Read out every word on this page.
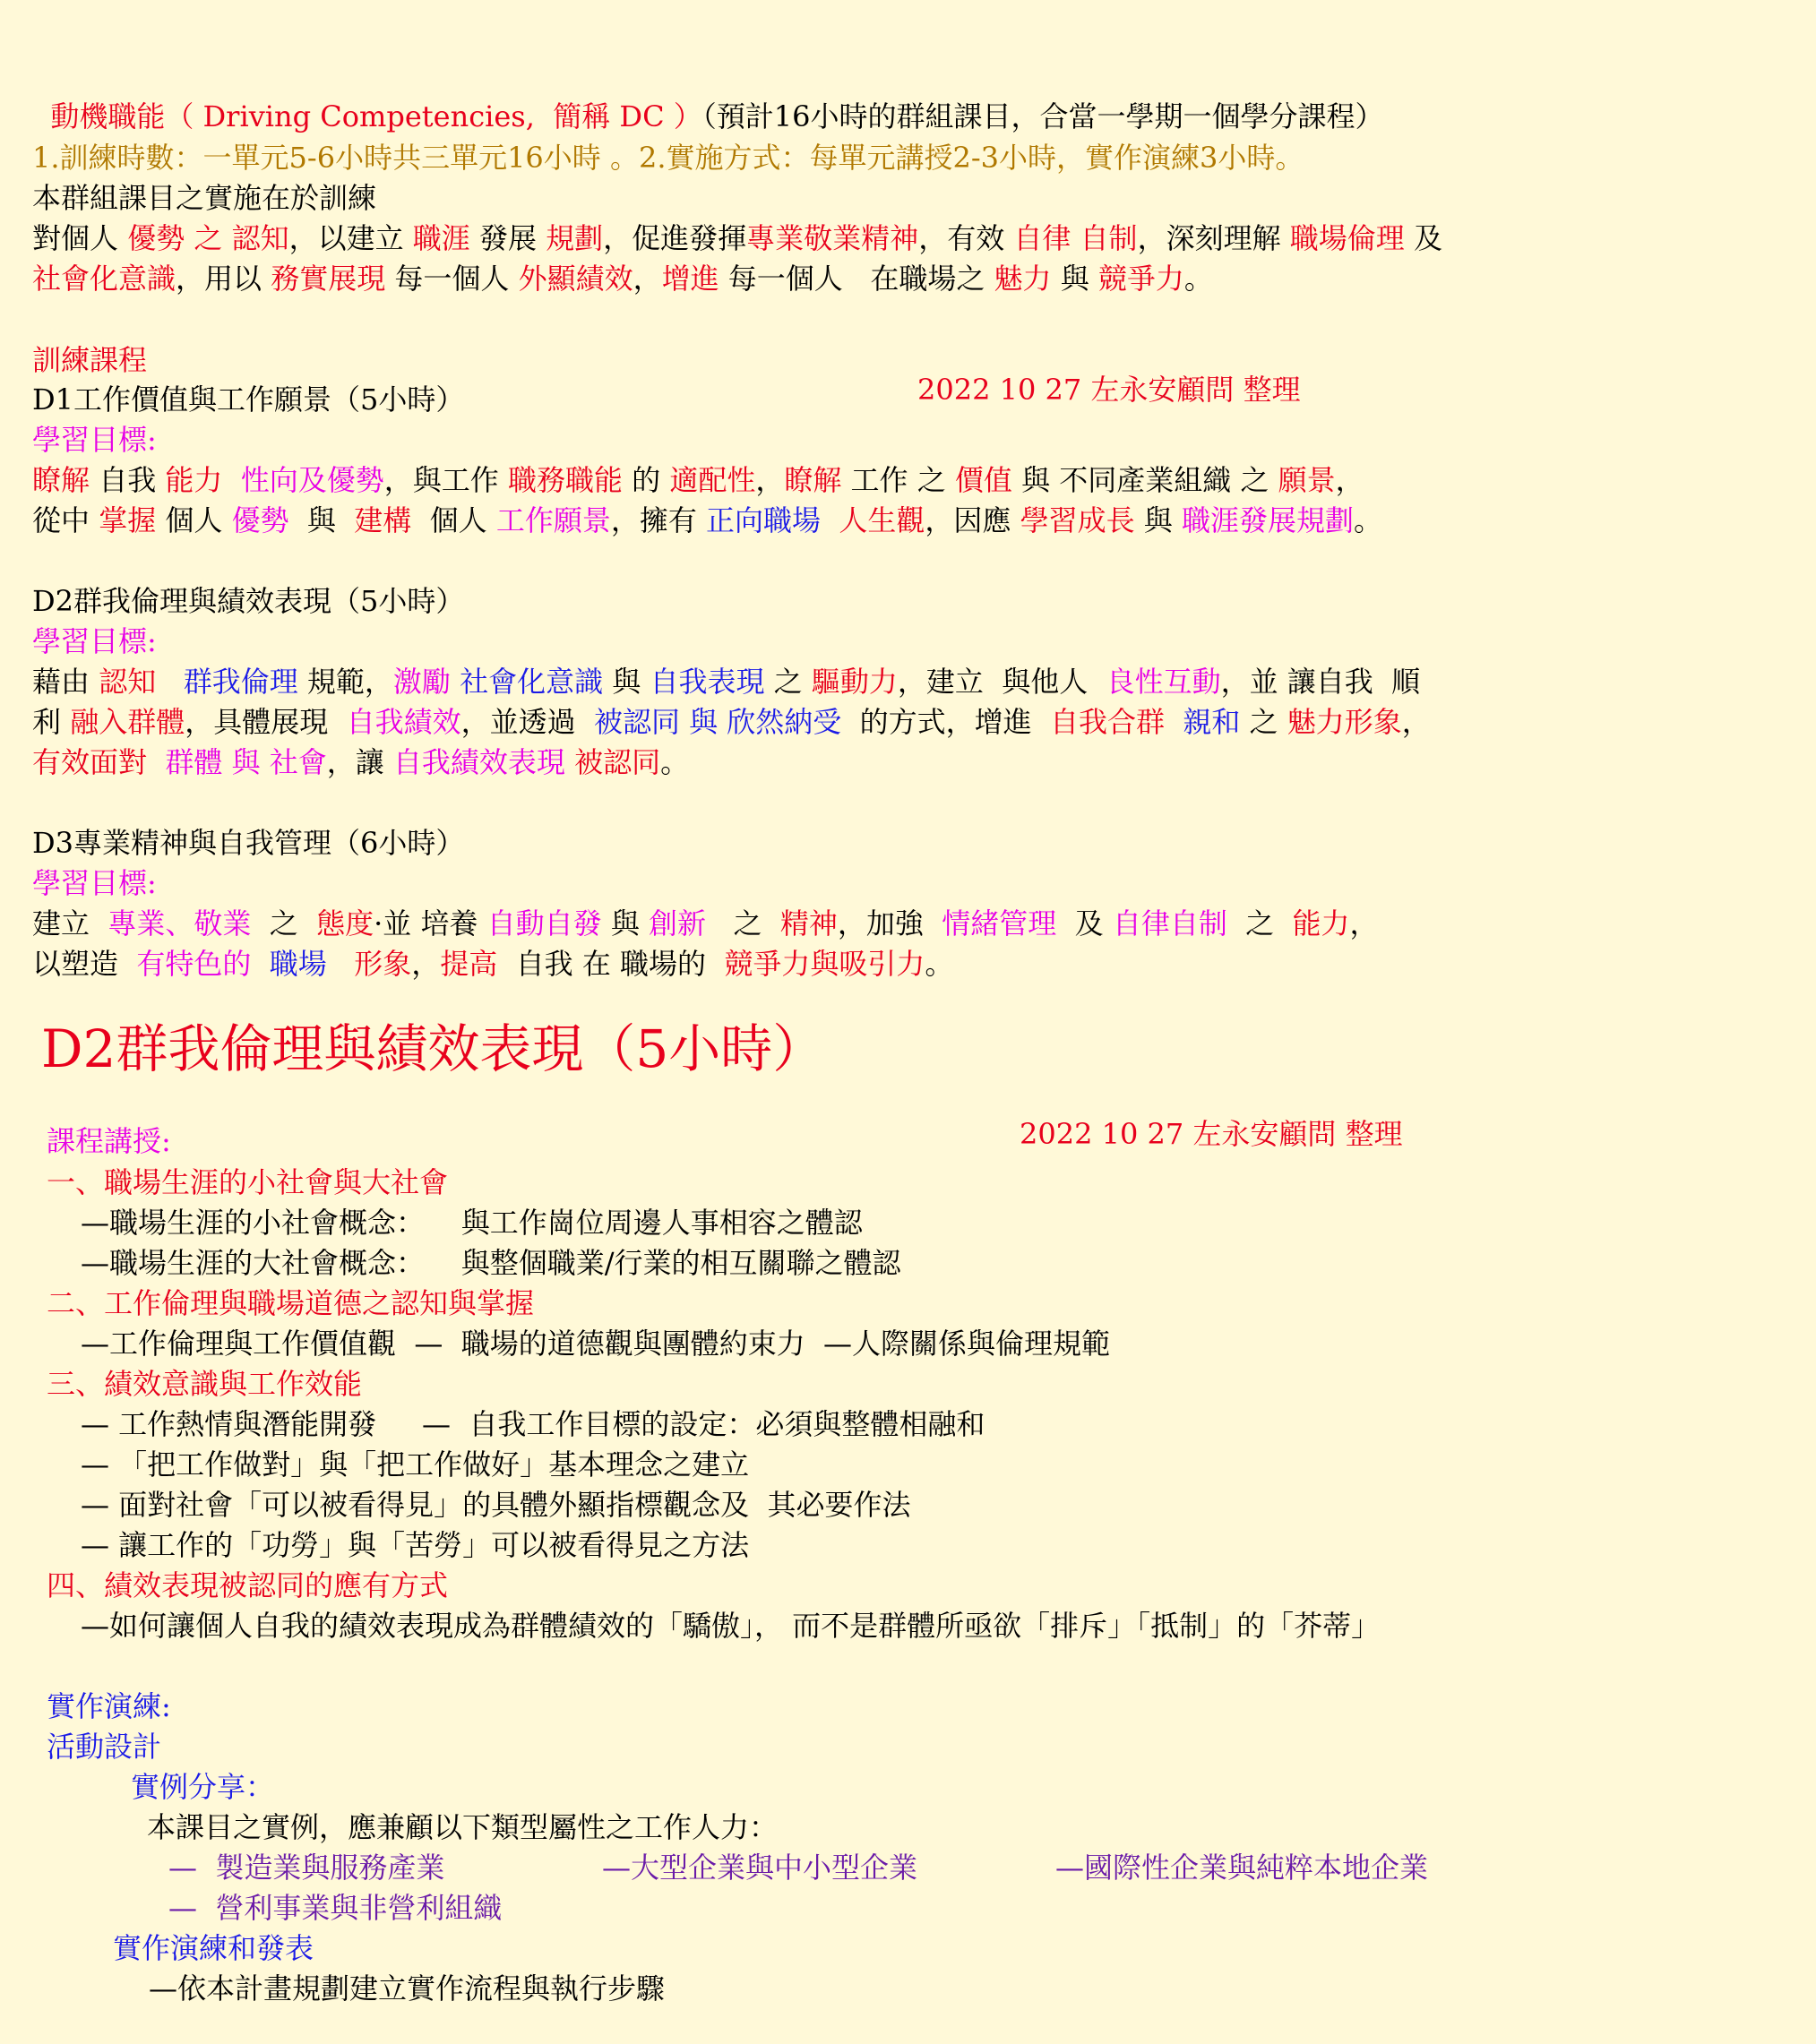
動機職能（ Driving Competencies,  簡稱 DC ）（預計16小時的群組課目，合當一學期一個學分課程）

1.訓練時數：一單元5-6小時共三單元16小時 。2.實施方式：每單元講授2-3小時，實作演練3小時。
本群組課目之實施在於訓練
對個人 優勢 之 認知，以建立 職涯 發展 規劃，促進發揮專業敬業精神，有效 自律 自制，深刻理解 職場倫理 及
社會化意識，用以 務實展現 每一個人 外顯績效，增進 每一個人   在職場之 魅力 與 競爭力。
訓練課程
D1工作價值與工作願景（5小時）	2022 10 27 左永安顧問 整理
學習目標:
瞭解 自我 能力 性向及優勢，與工作 職務職能 的 適配性，瞭解 工作 之 價值 與 不同產業組織 之 願景，
從中 掌握 個人 優勢  與  建構  個人 工作願景，擁有 正向職場 人生觀，因應 學習成長 與 職涯發展規劃。
D2群我倫理與績效表現（5小時）
學習目標:
藉由 認知 群我倫理 規範，激勵 社會化意識 與 自我表現 之 驅動力，建立  與他人  良性互動，並 讓自我  順
利 融入群體，具體展現  自我績效，並透過  被認同 與 欣然納受  的方式，增進  自我合群 親和 之 魅力形象，
有效面對 群體 與 社會，讓 自我績效表現 被認同。
D3專業精神與自我管理（6小時）
學習目標:
建立  專業、敬業  之  態度·並 培養 自動自發 與 創新   之  精神，加強  情緒管理  及 自律自制  之  能力，
以塑造  有特色的 職場 形象，提高  自我 在 職場的  競爭力與吸引力。
D2群我倫理與績效表現（5小時）
課程講授:	2022 10 27 左永安顧問 整理
一、職場生涯的小社會與大社會
—職場生涯的小社會概念：    與工作崗位周邊人事相容之體認
—職場生涯的大社會概念：    與整個職業/行業的相互關聯之體認
二、工作倫理與職場道德之認知與掌握
—工作倫理與工作價值觀  —  職場的道德觀與團體約束力  —人際關係與倫理規範
三、績效意識與工作效能
— 工作熱情與潛能開發     —  自我工作目標的設定：必須與整體相融和
— 「把工作做對」與「把工作做好」基本理念之建立
— 面對社會「可以被看得見」的具體外顯指標觀念及  其必要作法
— 讓工作的「功勞」與「苦勞」可以被看得見之方法
四、績效表現被認同的應有方式
—如何讓個人自我的績效表現成為群體績效的「驕傲」， 而不是群體所亟欲「排斥」「抵制」的「芥蒂」
實作演練:
活動設計
實例分享：
本課目之實例，應兼顧以下類型屬性之工作人力：
—  製造業與服務產業	—大型企業與中小型企業	—國際性企業與純粹本地企業
—  營利事業與非營利組織
實作演練和發表
—依本計畫規劃建立實作流程與執行步驟
